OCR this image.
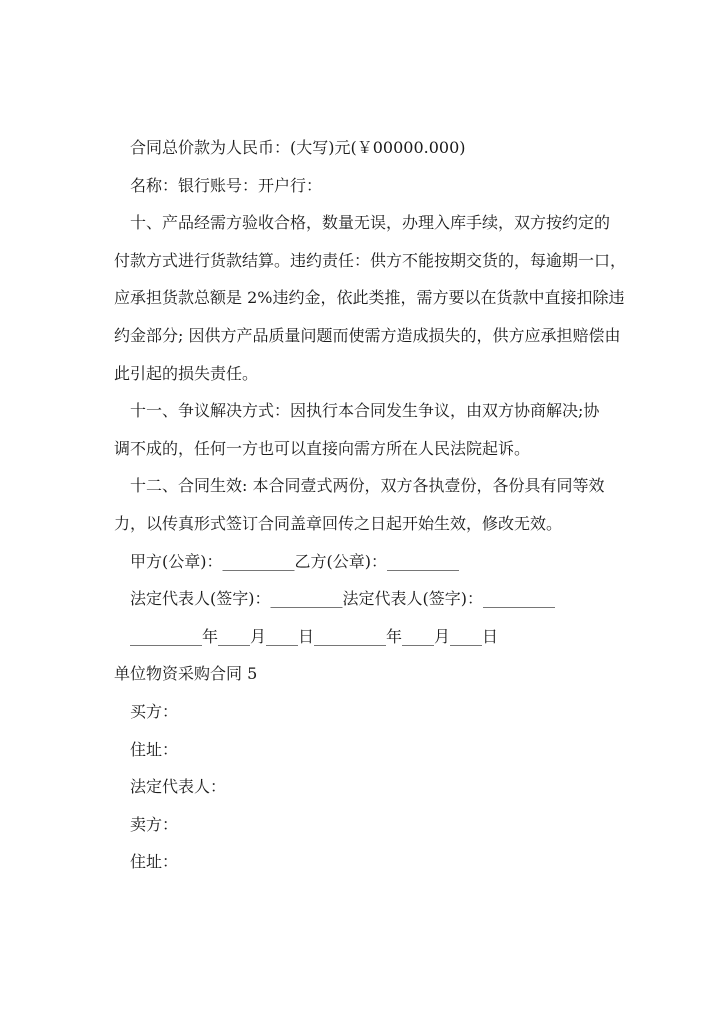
合同总价款为人民币：(大写)元(￥00000.000)

名称：银行账号：开户行：

十、产品经需方验收合格，数量无误，办理入库手续，双方按约定的
付款方式进行货款结算。违约责任：供方不能按期交货的，每逾期一口，
应承担货款总额是 2%违约金，依此类推，需方要以在货款中直接扣除违
约金部分; 因供方产品质量问题而使需方造成损失的，供方应承担赔偿由
此引起的损失责任。
十一、争议解决方式：因执行本合同发生争议，由双方协商解决;协
调不成的，任何一方也可以直接向需方所在人民法院起诉。
十二、合同生效: 本合同壹式两份，双方各执壹份，各份具有同等效
力，以传真形式签订合同盖章回传之日起开始生效，修改无效。

甲方(公章)：_________乙方(公章)：_________

法定代表人(签字)：_________法定代表人(签字)：_________

_________年____月____日_________年____月____日

单位物资采购合同 5

买方：

住址：

法定代表人：

卖方：

住址：
